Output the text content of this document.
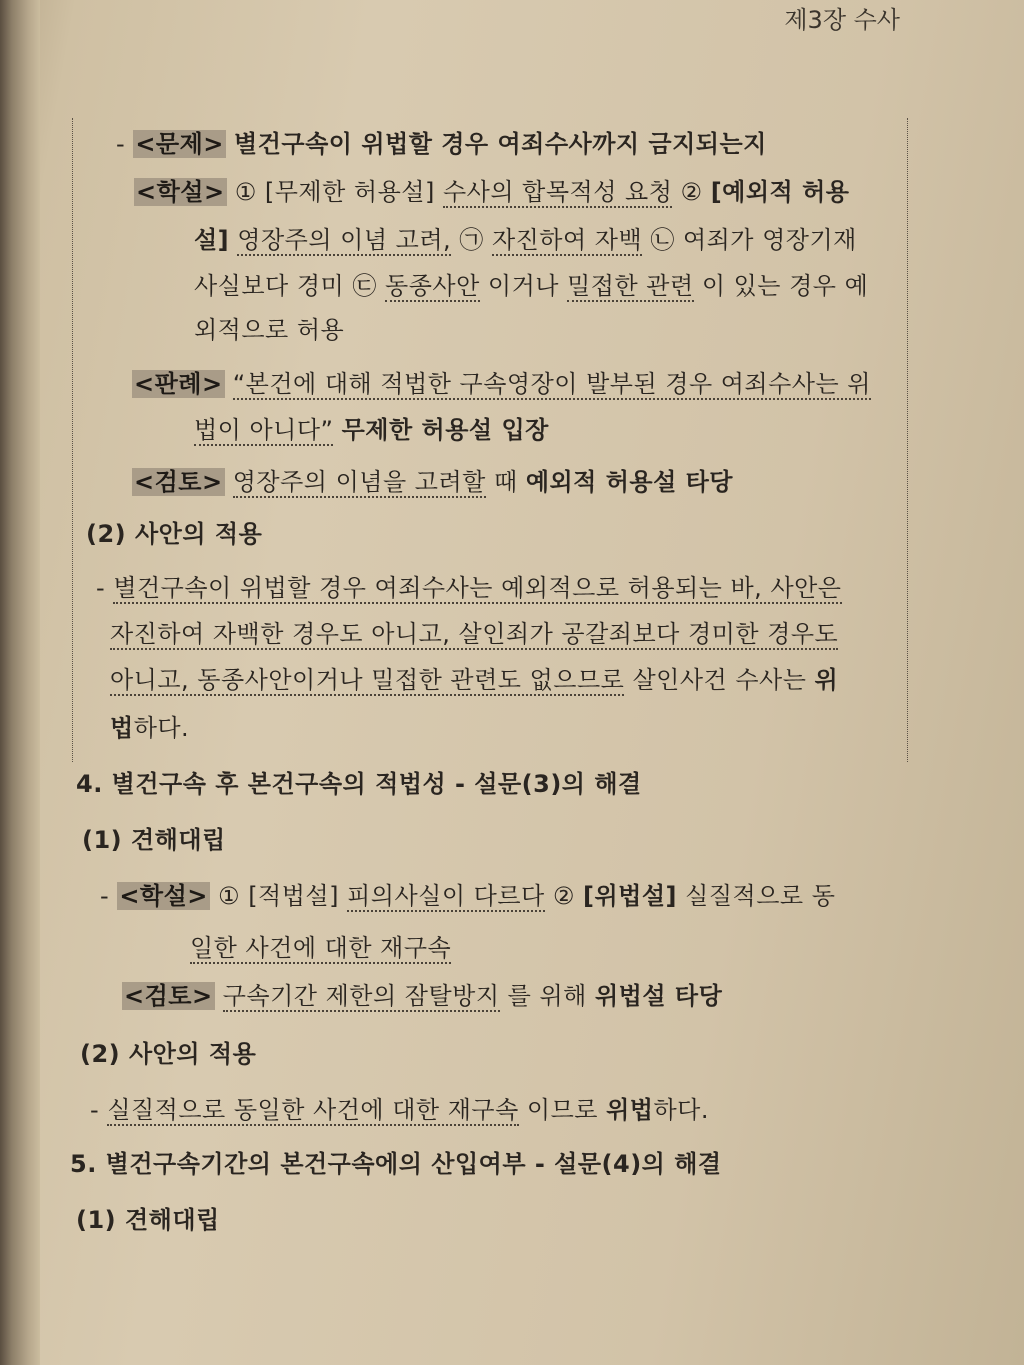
제3장 수사
- <문제> 별건구속이 위법할 경우 여죄수사까지 금지되는지
<학설> ① [무제한 허용설] 수사의 합목적성 요청 ② [예외적 허용
설] 영장주의 이념 고려, ㉠ 자진하여 자백 ㉡ 여죄가 영장기재
사실보다 경미 ㉢ 동종사안 이거나 밀접한 관련 이 있는 경우 예
외적으로 허용
<판례> “본건에 대해 적법한 구속영장이 발부된 경우 여죄수사는 위
법이 아니다” 무제한 허용설 입장
<검토> 영장주의 이념을 고려할 때 예외적 허용설 타당
(2) 사안의 적용
- 별건구속이 위법할 경우 여죄수사는 예외적으로 허용되는 바, 사안은
자진하여 자백한 경우도 아니고, 살인죄가 공갈죄보다 경미한 경우도
아니고, 동종사안이거나 밀접한 관련도 없으므로 살인사건 수사는 위
법하다.
4. 별건구속 후 본건구속의 적법성 - 설문(3)의 해결
(1) 견해대립
- <학설> ① [적법설] 피의사실이 다르다 ② [위법설] 실질적으로 동
일한 사건에 대한 재구속
<검토> 구속기간 제한의 잠탈방지 를 위해 위법설 타당
(2) 사안의 적용
- 실질적으로 동일한 사건에 대한 재구속 이므로 위법하다.
5. 별건구속기간의 본건구속에의 산입여부 - 설문(4)의 해결
(1) 견해대립
